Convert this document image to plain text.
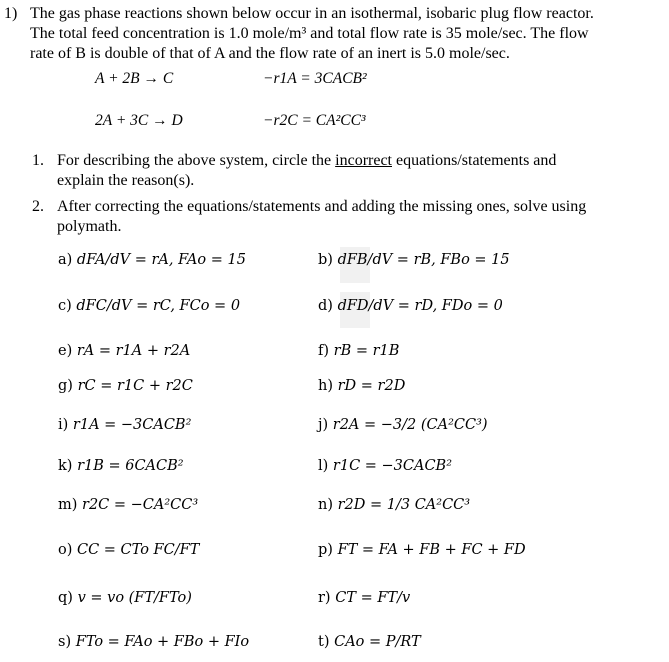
1) The gas phase reactions shown below occur in an isothermal, isobaric plug flow reactor.
The total feed concentration is 1.0 mole/m³ and total flow rate is 35 mole/sec. The flow
rate of B is double of that of A and the flow rate of an inert is 5.0 mole/sec.
A + 2B → C	−r1A = 3CACB²
2A + 3C → D	−r2C = CA²CC³
1. For describing the above system, circle the incorrect equations/statements and
explain the reason(s).
2. After correcting the equations/statements and adding the missing ones, solve using
polymath.
a) dFA/dV = rA, FAo = 15	b) dFB/dV = rB, FBo = 15
c) dFC/dV = rC, FCo = 0	d) dFD/dV = rD, FDo = 0
e) rA = r1A + r2A	f) rB = r1B
g) rC = r1C + r2C	h) rD = r2D
i) r1A = −3CACB²	j) r2A = −3/2 (CA²CC³)
k) r1B = 6CACB²	l) r1C = −3CACB²
m) r2C = −CA²CC³	n) r2D = 1/3 CA²CC³
o) CC = CTo FC/FT	p) FT = FA + FB + FC + FD
q) v = vo (FT/FTo)	r) CT = FT/v
s) FTo = FAo + FBo + FIo	t) CAo = P/RT
